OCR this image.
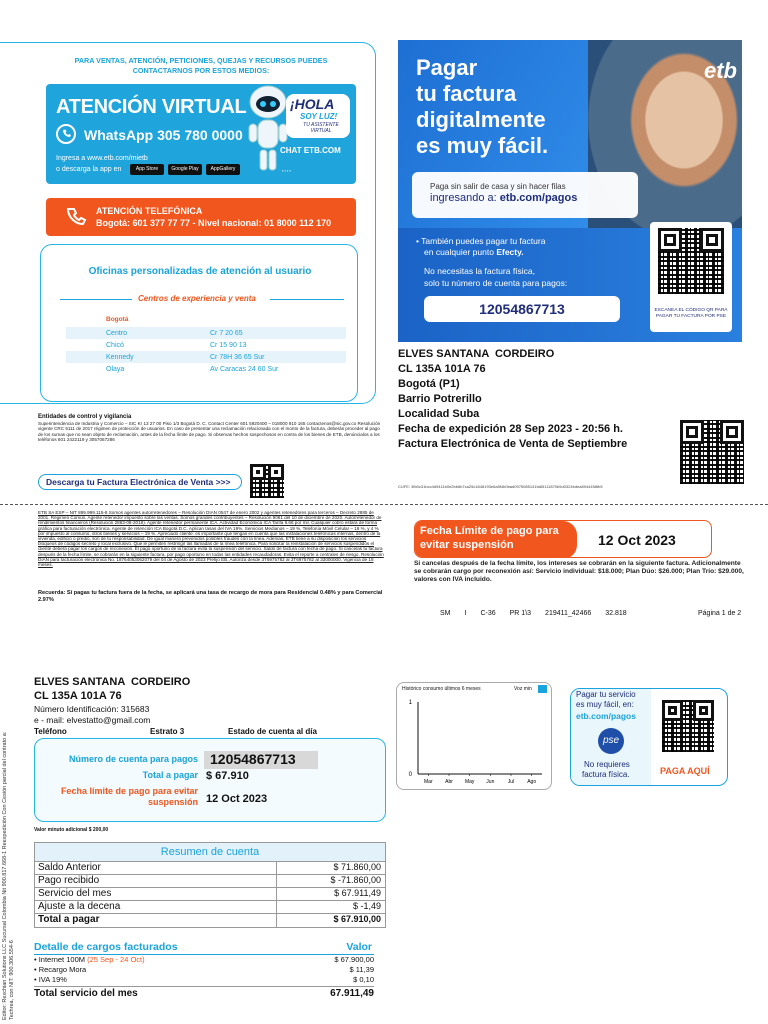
PARA VENTAS, ATENCIÓN, PETICIONES, QUEJAS Y RECURSOS PUEDES CONTACTARNOS POR ESTOS MEDIOS:
ATENCIÓN VIRTUAL
WhatsApp 305 780 0000
Ingresa a www.etb.com/mietb
o descarga la app en	App Store	Google Play	AppGallery
¡HOLA
SOY LUZ!
TU ASISTENTE VIRTUAL
CHAT ETB.COM
▪ ▪ ▪ ▪
ATENCIÓN TELEFÓNICA
Bogotá: 601 377 77 77 - Nivel nacional: 01 8000 112 170
Oficinas personalizadas de atención al usuario
Centros de experiencia y venta
Bogotá
Centro	Cr 7 20 65
Chicó	Cr 15 90 13
Kennedy	Cr 78H 36 65 Sur
Olaya	Av Caracas 24 60 Sur
Entidades de control y vigilancia
Superintendencia de Industria y Comercio – SIC Kr 13 27 00 Piso 1/3 Bogotá D. C. Contact Center 601 5920400 – 018000 910 165 contactenos@sic.gov.co Resolución vigente CRC 5111 de 2017 régimen de protección de usuarios. En caso de presentar una reclamación relacionada con el monto de la factura, deberás proceder al pago de los sumas que no sean objeto de reclamación, antes de la fecha límite de pago. Si observas hechos sospechosos en contra de los bienes de ETB, denúncialos a los teléfonos 601 2422119 y 3057067286
Descarga tu Factura Electrónica de Venta >>>
Pagar
tu factura
digitalmente
es muy fácil.
etb
Paga sin salir de casa y sin hacer filas
ingresando a: etb.com/pagos
• También puedes pagar tu factura
en cualquier punto Efecty.
No necesitas la factura física,
solo tu número de cuenta para pagos:
12054867713	ESCANEA EL CÓDIGO QR PARA PAGAR TU FACTURA POR PSE
ELVES SANTANA  CORDEIRO
CL 135A 101A 76
Bogotá (P1)
Barrio Potrerillo
Localidad Suba
Fecha de expedición 28 Sep 2023 - 20:56 h.
Factura Electrónica de Venta de Septiembre
CUFE: 3fb0c31bcc4d9411b0e2bb6b7ca25c1848193e6a5f4b0bad0975085141fa65111870b5d0324bdea8944458fb5
ETB SA ESP – NIT 899.999.115-8 Somos agentes autorretenedores – Resolución DIAN 0547 de enero 2002 y agentes retenedores para terceros – Decreto 2885 de 2001. Régimen Común. Agente retenedor impuesto sobre las ventas. Somos grandes contribuyentes – Resolución 9061 del 10 de diciembre de 2020. Autorretenedor de rendimientos financieros (Resolución 2863-08-2018). Agente retenedor permanente ICA. Actividad Económica ICA Tarifa 9.66 por mil. Cualquier cobro estará de forma gráfica para facturación electrónica. Agente de retención ICA Bogotá D.C. Aplican tasas del IVA 19%. Servicios Medianos – 19 %, Telefonía Móvil Celular – 19 %, y 4 % por impuesto al consumo, otros bienes y servicios – 19 %. Apreciado cliente: es importante que tengas en cuenta que las instalaciones telefónicas internas, dentro de la vivienda, edificio o predio, son de tu responsabilidad. De igual manera prevenidos posibles fraudes con la línea. Además, ETB tiene a su disposición los servicios bloqueos de códigos secreto y local exclusivo. Que le permiten restringir las llamadas de la línea telefónica. Para solicitar la reinstalación de servicios suspendidos el cliente deberá pagar los cargos de reconexión. El pago oportuno de la factura evita la suspensión del servicio. Saldo de factura con fecha de pago. Si cancelas tu factura después de la fecha límite, se cobrarán en la siguiente factura, por pago oportuno en todas las entidades recaudadoras. Evita el reporte a centrales de riesgo. Resolución DIAN para facturación electrónica No. 18764053062079 del 04 de Agosto de 2023 Prefijo EB, Autoriza desde 3T6975782 al 3T6975782 al 33000000. Vigencia de 18 meses.
Recuerda: Si pagas tu factura fuera de la fecha, se aplicará una tasa de recargo de mora para Residencial 0.48% y para Comercial 2.97%
Fecha Límite de pago para evitar suspensión	12 Oct 2023
Si cancelas después de la fecha límite, los intereses se cobrarán en la siguiente factura. Adicionalmente se cobrarán cargo por reconexión así: Servicio individual: $18.000; Plan Dúo: $26.000; Plan Trío: $29.000, valores con IVA incluido.
SM I C-36 PR 1\3 219411_42466 32.818	Página 1 de 2
Editor: Rexchian Solutions LLC Sucursal Colombia Nit 900.817.668-1 Reexpedición Con Cesión parcial del contrato a: Techrea, con NIT: 900.306.554-6
ELVES SANTANA  CORDEIRO
CL 135A 101A 76
Número Identificación: 315683
e - mail: elvestatto@gmail.com
Teléfono	Estrato 3	Estado de cuenta al día
Número de cuenta para pagos 12054867713
Total a pagar $ 67.910
Fecha límite de pago para evitar suspensión 12 Oct 2023
Valor minuto adicional $ 200,00
Histórico consumo últimos 6 meses	Voz min
1
0
Mar Abr May Jun	Jul	Ago
Pagar tu servicio
es muy fácil, en:
etb.com/pagos
pse
No requieres
factura física.	PAGA AQUÍ
Resumen de cuenta
Saldo Anterior	$ 71.860,00
Pago recibido	$ -71.860,00
Servicio del mes	$ 67.911,49
Ajuste a la decena	$ -1,49
Total a pagar	$ 67.910,00
Detalle de cargos facturados	Valor
• Internet 100M (25 Sep - 24 Oct)	$ 67.900,00
• Recargo Mora	$ 11,39
• IVA 19%	$ 0,10
Total servicio del mes	67.911,49
